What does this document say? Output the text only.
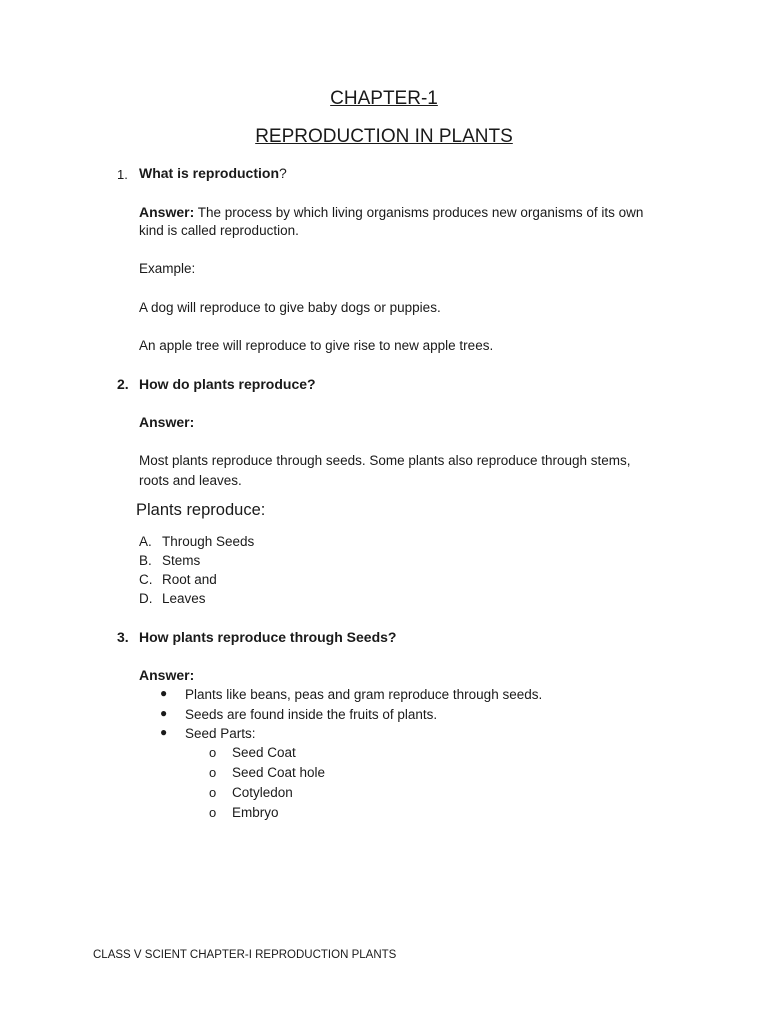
CHAPTER-1
REPRODUCTION IN PLANTS
1. What is reproduction?
Answer: The process by which living organisms produces new organisms of its own
kind is called reproduction.
Example:
A dog will reproduce to give baby dogs or puppies.
An apple tree will reproduce to give rise to new apple trees.
2. How do plants reproduce?
Answer:
Most plants reproduce through seeds. Some plants also reproduce through stems,
roots and leaves.
Plants reproduce:
A. Through Seeds
B. Stems
C. Root and
D. Leaves
3. How plants reproduce through Seeds?
Answer:
● Plants like beans, peas and gram reproduce through seeds.
● Seeds are found inside the fruits of plants.
● Seed Parts:
o Seed Coat
o Seed Coat hole
o Cotyledon
o Embryo
CLASS V SCIENT CHAPTER-I REPRODUCTION PLANTS
